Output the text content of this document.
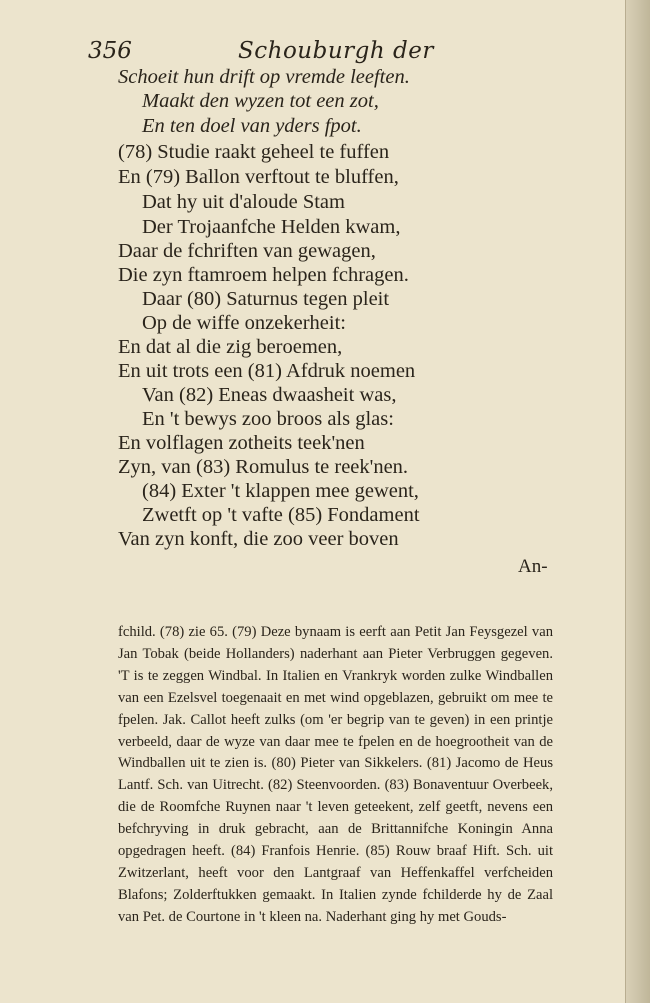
356	Schouburgh der
Schoeit hun drift op vremde leeften.
Maakt den wyzen tot een zot,
En ten doel van yders fpot.
(78) Studie raakt geheel te fuffen
En (79) Ballon verftout te bluffen,
Dat hy uit d'aloude Stam
Der Trojaanfche Helden kwam,
Daar de fchriften van gewagen,
Die zyn ftamroem helpen fchragen.
Daar (80) Saturnus tegen pleit
Op de wiffe onzekerheit:
En dat al die zig beroemen,
En uit trots een (81) Afdruk noemen
Van (82) Eneas dwaasheit was,
En 't bewys zoo broos als glas:
En volflagen zotheits teek'nen
Zyn, van (83) Romulus te reek'nen.
(84) Exter 't klappen mee gewent,
Zwetft op 't vafte (85) Fondament
Van zyn konft, die zoo veer boven
An-

fchild. (78) zie 65. (79) Deze bynaam is eerft aan Petit Jan Feysgezel van Jan Tobak (beide Hollanders) naderhant aan Pieter Verbruggen gegeven. 'T is te zeggen Windbal. In Italien en Vrankryk worden zulke Windballen van een Ezelsvel toegenaait en met wind opgeblazen, gebruikt om mee te fpelen. Jak. Callot heeft zulks (om 'er begrip van te geven) in een printje verbeeld, daar de wyze van daar mee te fpelen en de hoegrootheit van de Windballen uit te zien is. (80) Pieter van Sikkelers. (81) Jacomo de Heus Lantf. Sch. van Uitrecht. (82) Steenvoorden. (83) Bonaventuur Overbeek, die de Roomfche Ruynen naar 't leven geteekent, zelf geetft, nevens een befchryving in druk gebracht, aan de Brittannifche Koningin Anna opgedragen heeft. (84) Franfois Henrie. (85) Rouw braaf Hift. Sch. uit Zwitzerlant, heeft voor den Lantgraaf van Heffenkaffel verfcheiden Blafons; Zolderftukken gemaakt. In Italien zynde fchilderde hy de Zaal van Pet. de Courtone in 't kleen na. Naderhant ging hy met Gouds-
